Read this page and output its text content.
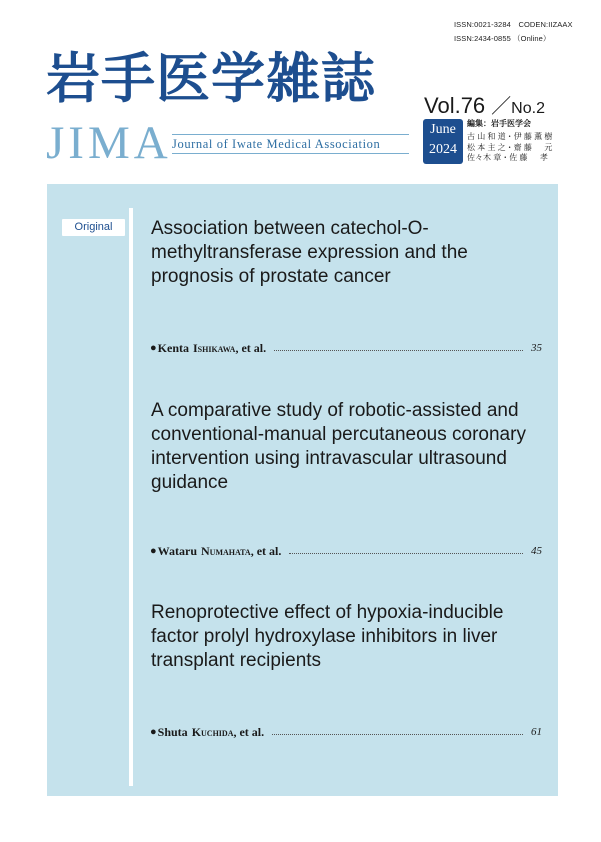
ISSN:0021-3284　CODEN:IIZAAX
ISSN:2434-0855 （Online）
岩手医学雑誌
JIMA Journal of Iwate Medical Association
Vol.76 ／No.2
June
2024
編集：岩手医学会
古 山 和 道・伊 藤 薫 樹
松 本 主 之・齋 藤 　 元
佐々木 章・佐 藤 　 孝
Original	Association between catechol-O-methyltransferase expression and the prognosis of prostate cancer
● Kenta Ishikawa , et al.	35
A comparative study of robotic-assisted and conventional-manual percutaneous coronary intervention using intravascular ultrasound guidance
● Wataru Numahata , et al.	45
Renoprotective effect of hypoxia-inducible factor prolyl hydroxylase inhibitors in liver transplant recipients
● Shuta Kuchida , et al.	61
